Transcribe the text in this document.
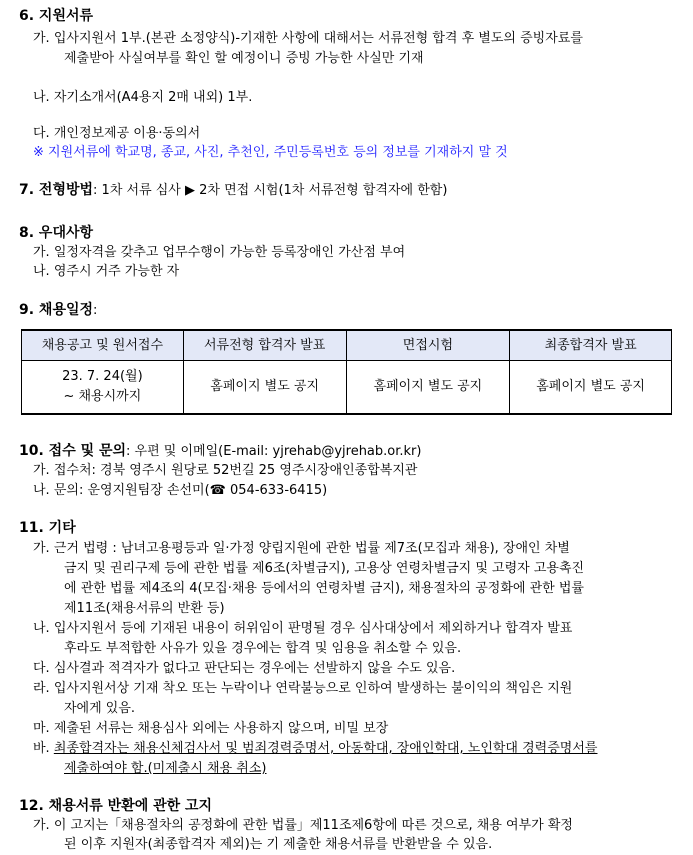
6. 지원서류
가. 입사지원서 1부.(본관 소정양식)-기재한 사항에 대해서는 서류전형 합격 후 별도의 증빙자료를
제출받아 사실여부를 확인 할 예정이니 증빙 가능한 사실만 기재
나. 자기소개서(A4용지 2매 내외) 1부.
다. 개인정보제공 이용·동의서
※ 지원서류에 학교명, 종교, 사진, 추천인, 주민등록번호 등의 정보를 기재하지 말 것
7. 전형방법: 1차 서류 심사 ▶ 2차 면접 시험(1차 서류전형 합격자에 한함)
8. 우대사항
가. 일정자격을 갖추고 업무수행이 가능한 등록장애인 가산점 부여
나. 영주시 거주 가능한 자
9. 채용일정:
채용공고 및 원서접수	서류전형 합격자 발표	면접시험	최종합격자 발표

23. 7. 24(월)
~ 채용시까지	홈페이지 별도 공지	홈페이지 별도 공지	홈페이지 별도 공지
10. 접수 및 문의: 우편 및 이메일(E-mail: yjrehab@yjrehab.or.kr)
가. 접수처: 경북 영주시 원당로 52번길 25 영주시장애인종합복지관
나. 문의: 운영지원팀장 손선미(☎ 054-633-6415)
11. 기타
가. 근거 법령 : 남녀고용평등과 일·가정 양립지원에 관한 법률 제7조(모집과 채용), 장애인 차별
금지 및 권리구제 등에 관한 법률 제6조(차별금지), 고용상 연령차별금지 및 고령자 고용촉진
에 관한 법률 제4조의 4(모집·채용 등에서의 연령차별 금지), 채용절차의 공정화에 관한 법률
제11조(채용서류의 반환 등)
나. 입사지원서 등에 기재된 내용이 허위임이 판명될 경우 심사대상에서 제외하거나 합격자 발표
후라도 부적합한 사유가 있을 경우에는 합격 및 임용을 취소할 수 있음.
다. 심사결과 적격자가 없다고 판단되는 경우에는 선발하지 않을 수도 있음.
라. 입사지원서상 기재 착오 또는 누락이나 연락불능으로 인하여 발생하는 불이익의 책임은 지원
자에게 있음.
마. 제출된 서류는 채용심사 외에는 사용하지 않으며, 비밀 보장
바. 최종합격자는 채용신체검사서 및 범죄경력증명서, 아동학대, 장애인학대, 노인학대 경력증명서를
제출하여야 함.(미제출시 채용 취소)
12. 채용서류 반환에 관한 고지
가. 이 고지는「채용절차의 공정화에 관한 법률」제11조제6항에 따른 것으로, 채용 여부가 확정
된 이후 지원자(최종합격자 제외)는 기 제출한 채용서류를 반환받을 수 있음.
